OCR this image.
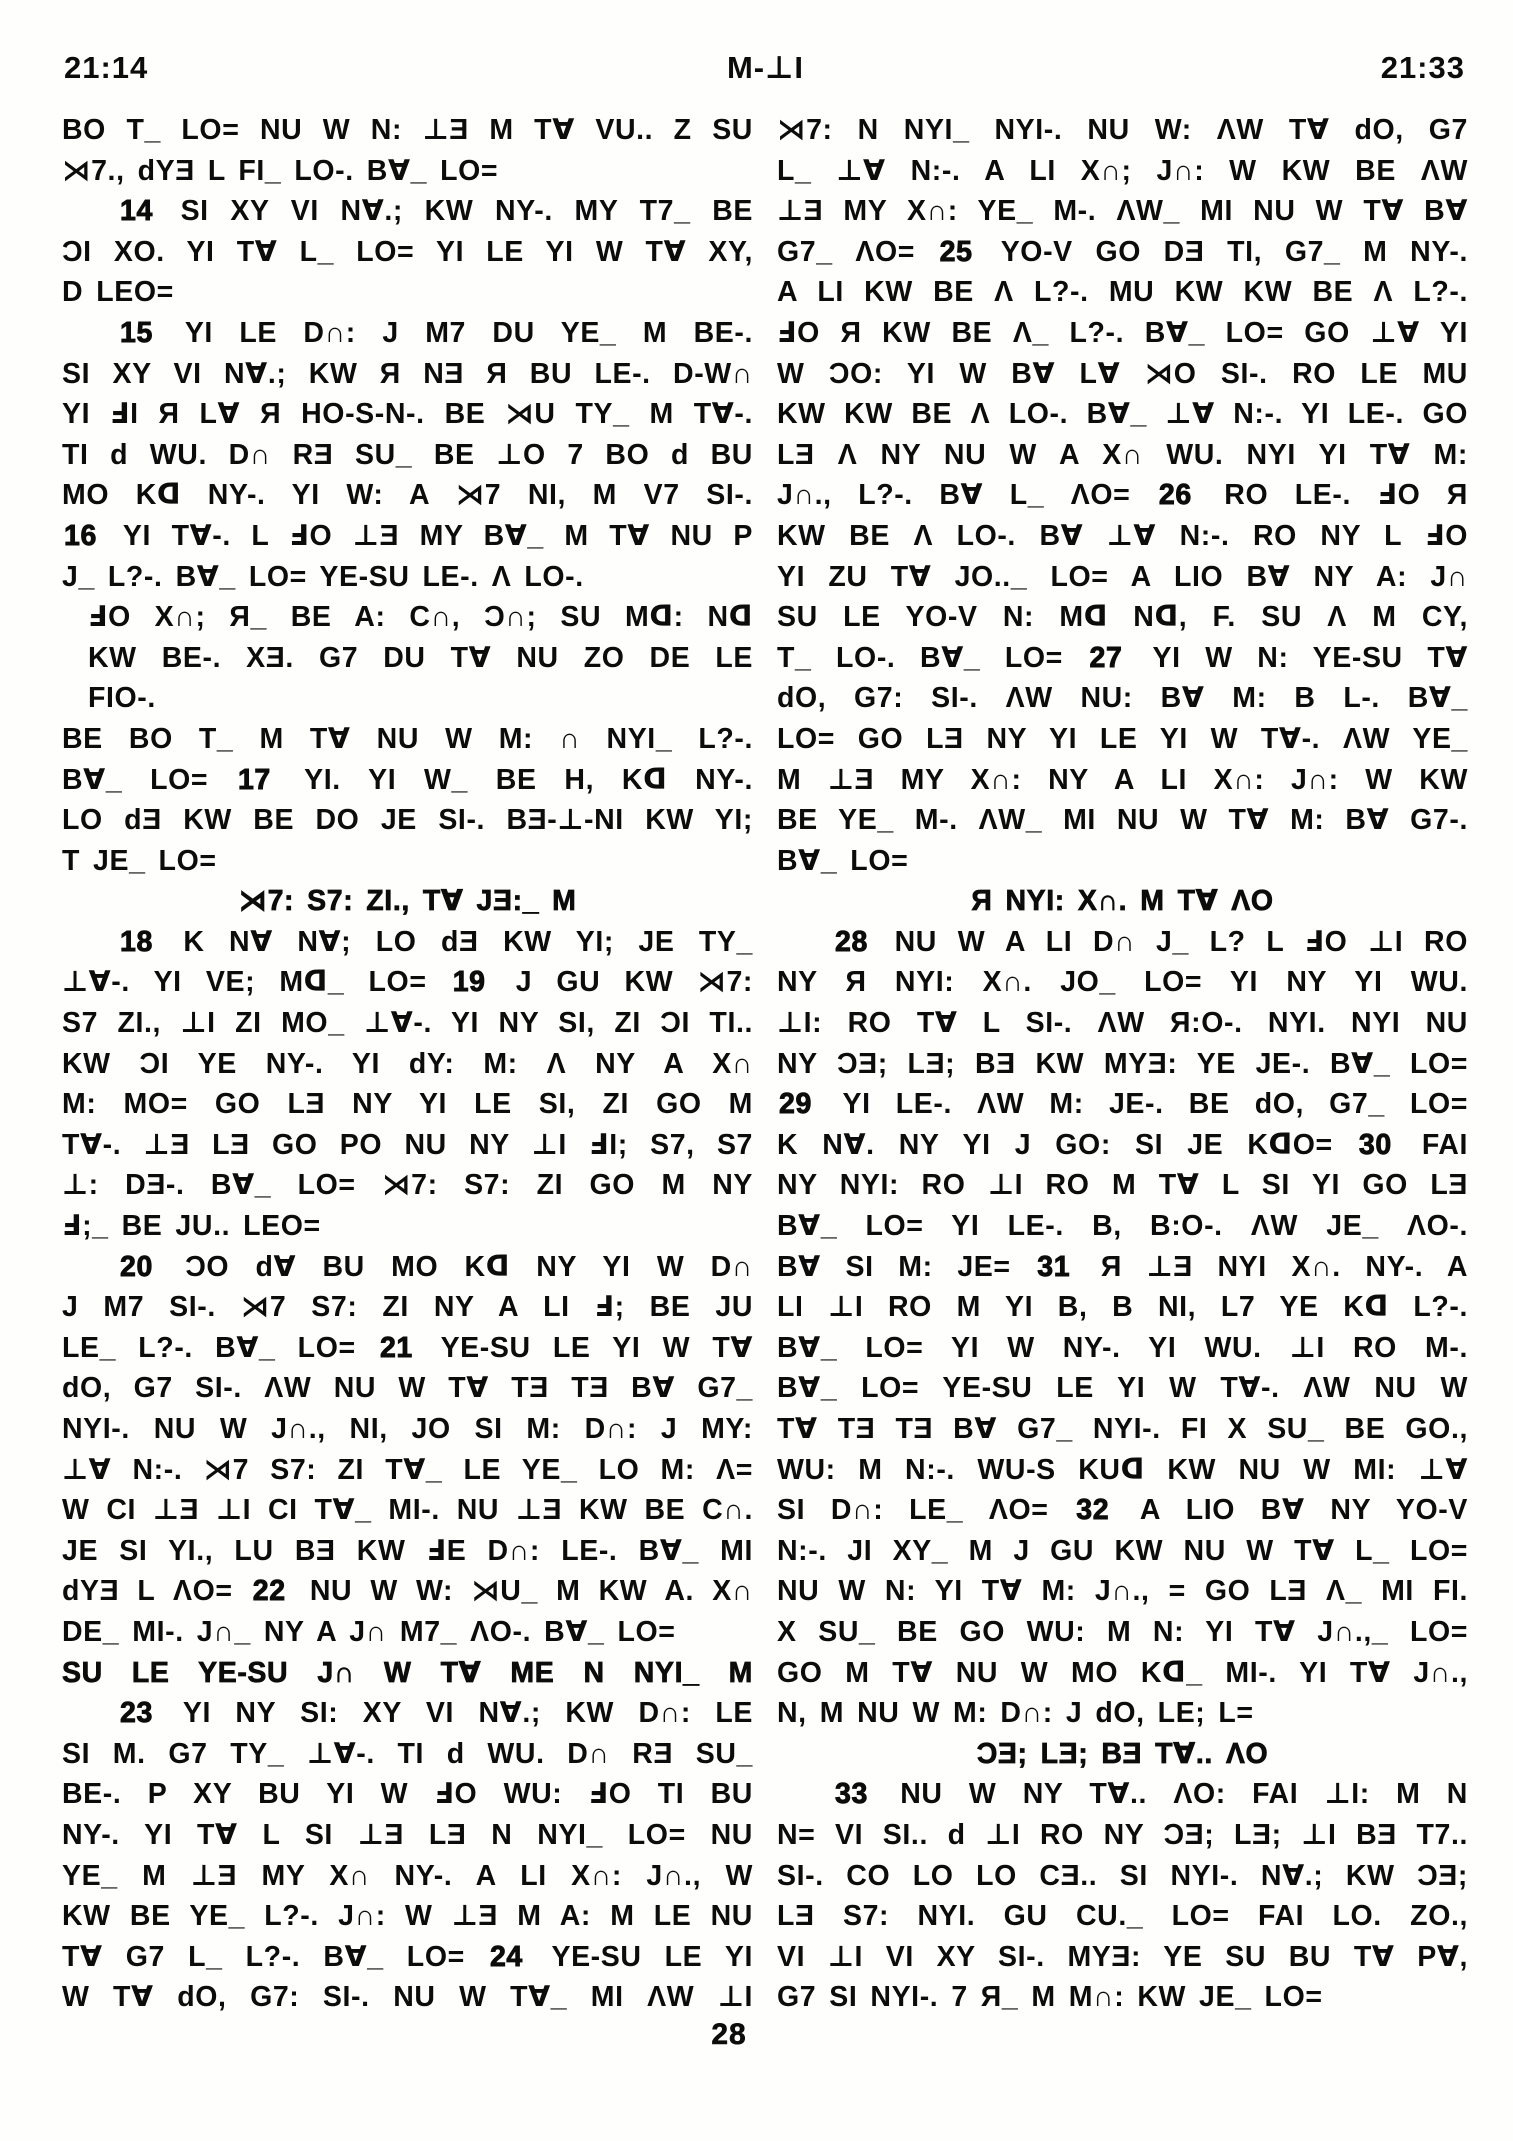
M-⊥I
21:14	21:33
BO T_ LO= NU W N: ⊥Ǝ M T∀ VU.. Z SU
⋊7., dYƎ L FI_ LO-. B∀_ LO=
14 SI XY VI N∀.; KW NY-. MY T7_ BE
ƆI XO. YI T∀ L_ LO= YI LE YI W T∀ XY,
D LEO=
15 YI LE D∩: J M7 DU YE_ M BE-.
SI XY VI N∀.; KW Я NƎ Я BU LE-. D-W∩
YI ℲI Я L∀ Я HO-S-N-. BE ⋊U TY_ M T∀-.
TI d WU. D∩ RƎ SU_ BE ⊥O 7 BO d BU
MO Kᗡ NY-. YI W: A ⋊7 NI, M V7 SI-.
16 YI T∀-. L ℲO ⊥Ǝ MY B∀_ M T∀ NU P
J_ L?-. B∀_ LO= YE-SU LE-. Λ LO-.
ℲO X∩; Я_ BE A: C∩, Ɔ∩; SU Mᗡ: Nᗡ
KW BE-. XƎ. G7 DU T∀ NU ZO DE LE
FIO-.
BE BO T_ M T∀ NU W M: ∩ NYI_ L?-.
B∀_ LO= 17 YI. YI W_ BE H, Kᗡ NY-.
LO dƎ KW BE DO JE SI-. BƎ-⊥-NI KW YI;
T JE_ LO=
⋊7: S7: ZI., T∀ JƎ:_ M
18 K N∀ N∀; LO dƎ KW YI; JE TY_
⊥∀-. YI VE; Mᗡ_ LO= 19 J GU KW ⋊7:
S7 ZI., ⊥I ZI MO_ ⊥∀-. YI NY SI, ZI ƆI TI..
KW ƆI YE NY-. YI dY: M: Λ NY A X∩
M: MO= GO LƎ NY YI LE SI, ZI GO M
T∀-. ⊥Ǝ LƎ GO PO NU NY ⊥I ℲI; S7, S7
⊥: DƎ-. B∀_ LO= ⋊7: S7: ZI GO M NY
Ⅎ;_ BE JU.. LEO=
20 ƆO d∀ BU MO Kᗡ NY YI W D∩
J M7 SI-. ⋊7 S7: ZI NY A LI Ⅎ; BE JU
LE_ L?-. B∀_ LO= 21 YE-SU LE YI W T∀
dO, G7 SI-. ΛW NU W T∀ TƎ TƎ B∀ G7_
NYI-. NU W J∩., NI, JO SI M: D∩: J MY:
⊥∀ N:-. ⋊7 S7: ZI T∀_ LE YE_ LO M: Λ=
W CI ⊥Ǝ ⊥I CI T∀_ MI-. NU ⊥Ǝ KW BE C∩.
JE SI YI., LU BƎ KW ℲE D∩: LE-. B∀_ MI
dYƎ L ΛO= 22 NU W W: ⋊U_ M KW A. X∩
DE_ MI-. J∩_ NY A J∩ M7_ ΛO-. B∀_ LO=
SU LE YE-SU J∩ W T∀ ME N NYI_ M
23 YI NY SI: XY VI N∀.; KW D∩: LE
SI M. G7 TY_ ⊥∀-. TI d WU. D∩ RƎ SU_
BE-. P XY BU YI W ℲO WU: ℲO TI BU
NY-. YI T∀ L SI ⊥Ǝ LƎ N NYI_ LO= NU
YE_ M ⊥Ǝ MY X∩ NY-. A LI X∩: J∩., W
KW BE YE_ L?-. J∩: W ⊥Ǝ M A: M LE NU
T∀ G7 L_ L?-. B∀_ LO= 24 YE-SU LE YI
W T∀ dO, G7: SI-. NU W T∀_ MI ΛW ⊥I
⋊7: N NYI_ NYI-. NU W: ΛW T∀ dO, G7
L_ ⊥∀ N:-. A LI X∩; J∩: W KW BE ΛW
⊥Ǝ MY X∩: YE_ M-. ΛW_ MI NU W T∀ B∀
G7_ ΛO= 25 YO-V GO DƎ TI, G7_ M NY-.
A LI KW BE Λ L?-. MU KW KW BE Λ L?-.
ℲO Я KW BE Λ_ L?-. B∀_ LO= GO ⊥∀ YI
W ƆO: YI W B∀ L∀ ⋊O SI-. RO LE MU
KW KW BE Λ LO-. B∀_ ⊥∀ N:-. YI LE-. GO
LƎ Λ NY NU W A X∩ WU. NYI YI T∀ M:
J∩., L?-. B∀ L_ ΛO= 26 RO LE-. ℲO Я
KW BE Λ LO-. B∀ ⊥∀ N:-. RO NY L ℲO
YI ZU T∀ JO.._ LO= A LIO B∀ NY A: J∩
SU LE YO-V N: Mᗡ Nᗡ, F. SU Λ M CY,
T_ LO-. B∀_ LO= 27 YI W N: YE-SU T∀
dO, G7: SI-. ΛW NU: B∀ M: B L-. B∀_
LO= GO LƎ NY YI LE YI W T∀-. ΛW YE_
M ⊥Ǝ MY X∩: NY A LI X∩: J∩: W KW
BE YE_ M-. ΛW_ MI NU W T∀ M: B∀ G7-.
B∀_ LO=
Я NYI: X∩. M T∀ ΛO
28 NU W A LI D∩ J_ L? L ℲO ⊥I RO
NY Я NYI: X∩. JO_ LO= YI NY YI WU.
⊥I: RO T∀ L SI-. ΛW Я:O-. NYI. NYI NU
NY ƆƎ; LƎ; BƎ KW MYƎ: YE JE-. B∀_ LO=
29 YI LE-. ΛW M: JE-. BE dO, G7_ LO=
K N∀. NY YI J GO: SI JE KᗡO= 30 FAI
NY NYI: RO ⊥I RO M T∀ L SI YI GO LƎ
B∀_ LO= YI LE-. B, B:O-. ΛW JE_ ΛO-.
B∀ SI M: JE= 31 Я ⊥Ǝ NYI X∩. NY-. A
LI ⊥I RO M YI B, B NI, L7 YE Kᗡ L?-.
B∀_ LO= YI W NY-. YI WU. ⊥I RO M-.
B∀_ LO= YE-SU LE YI W T∀-. ΛW NU W
T∀ TƎ TƎ B∀ G7_ NYI-. FI X SU_ BE GO.,
WU: M N:-. WU-S KUᗡ KW NU W MI: ⊥∀
SI D∩: LE_ ΛO= 32 A LIO B∀ NY YO-V
N:-. JI XY_ M J GU KW NU W T∀ L_ LO=
NU W N: YI T∀ M: J∩., = GO LƎ Λ_ MI FI.
X SU_ BE GO WU: M N: YI T∀ J∩.,_ LO=
GO M T∀ NU W MO Kᗡ_ MI-. YI T∀ J∩.,
N, M NU W M: D∩: J dO, LE; L=
ƆƎ; LƎ; BƎ T∀.. ΛO
33 NU W NY T∀.. ΛO: FAI ⊥I: M N
N= VI SI.. d ⊥I RO NY ƆƎ; LƎ; ⊥I BƎ T7..
SI-. CO LO LO CƎ.. SI NYI-. N∀.; KW ƆƎ;
LƎ S7: NYI. GU CU._ LO= FAI LO. ZO.,
VI ⊥I VI XY SI-. MYƎ: YE SU BU T∀ P∀,
G7 SI NYI-. 7 Я_ M M∩: KW JE_ LO=
28
